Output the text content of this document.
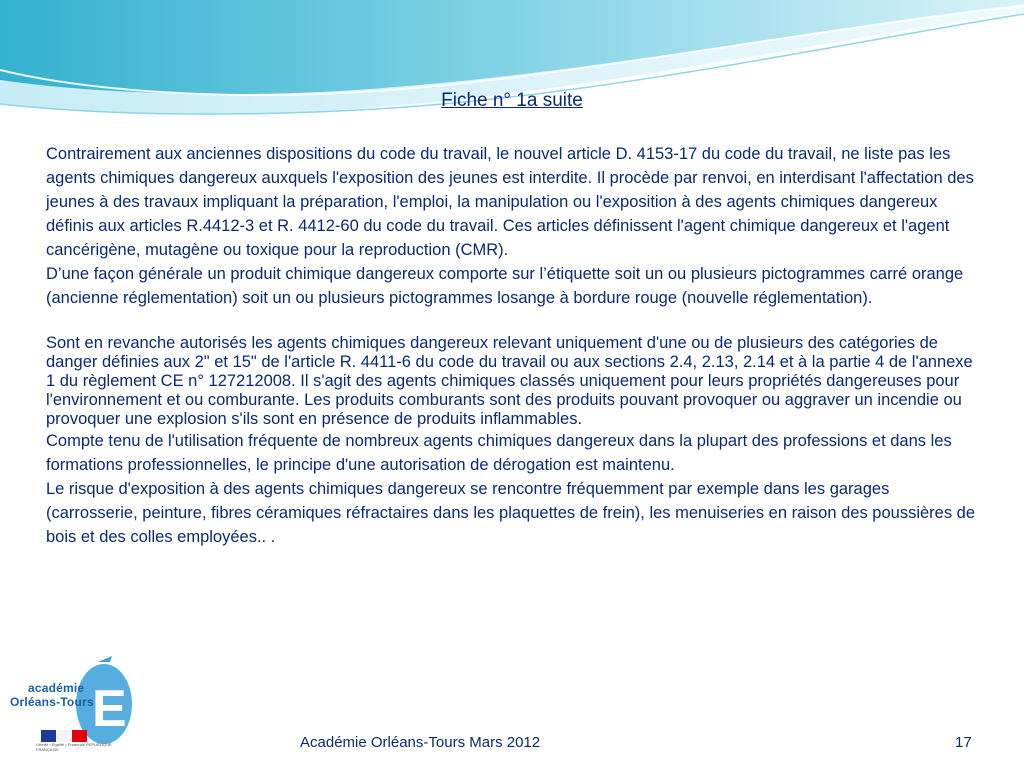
Fiche n° 1a suite

Contrairement aux anciennes dispositions du code du travail, le nouvel article D. 4153-17 du code du travail, ne liste pas les agents chimiques dangereux auxquels l'exposition des jeunes est interdite. Il procède par renvoi, en interdisant l'affectation des jeunes à des travaux impliquant la préparation, l'emploi, la manipulation ou l'exposition à des agents chimiques dangereux définis aux articles R.4412-3 et R. 4412-60 du code du travail. Ces articles définissent l'agent chimique dangereux et l'agent cancérigène, mutagène ou toxique pour la reproduction (CMR).

D’une façon générale un produit chimique dangereux comporte sur l’étiquette soit un ou plusieurs pictogrammes carré orange (ancienne réglementation) soit un ou plusieurs pictogrammes losange à bordure rouge (nouvelle réglementation).

Sont en revanche autorisés les agents chimiques dangereux relevant uniquement d'une ou de plusieurs des catégories de danger définies aux 2" et 15" de l'article R. 4411-6 du code du travail ou aux sections 2.4, 2.13, 2.14 et à la partie 4 de l'annexe 1 du règlement CE n° 127212008. Il s'agit des agents chimiques classés uniquement pour leurs propriétés dangereuses pour l'environnement et ou comburante. Les produits comburants sont des produits pouvant provoquer ou aggraver un incendie ou provoquer une explosion s'ils sont en présence de produits inflammables.

Compte tenu de l'utilisation fréquente de nombreux agents chimiques dangereux dans la plupart des professions et dans les formations professionnelles, le principe d'une autorisation de dérogation est maintenu.

Le risque d'exposition à des agents chimiques dangereux se rencontre fréquemment par exemple dans les garages (carrosserie, peinture, fibres céramiques réfractaires dans les plaquettes de frein), les menuiseries en raison des poussières de bois et des colles employées.. .

E
académie
Orléans-Tours
Liberté • Égalité • Fraternité RÉPUBLIQUE FRANÇAISE	Académie Orléans-Tours Mars 2012	17
